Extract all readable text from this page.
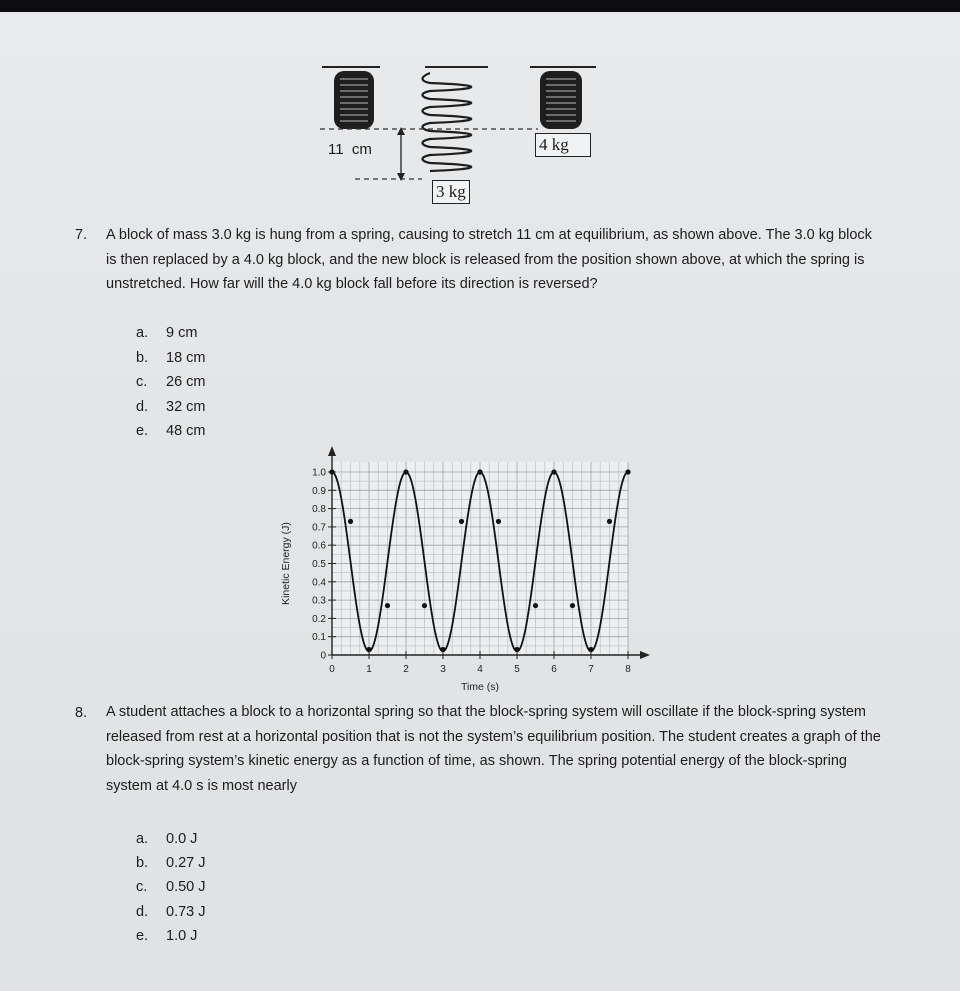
11  cm
3 kg
4 kg
7. A block of mass 3.0 kg is hung from a spring, causing to stretch 11 cm at equilibrium, as shown above. The 3.0 kg block is then replaced by a 4.0 kg block, and the new block is released from the position shown above, at which the spring is unstretched. How far will the 4.0 kg block fall before its direction is reversed?
a. 9 cm
b. 18 cm
c. 26 cm
d. 32 cm
e. 48 cm
0
0.1
0.2
0.3
0.4
0.5
0.6
0.7
0.8
0.9
1.0
0	1	2	3	4	5	6	7	8
Time (s)
Kinetic Energy (J)
8. A student attaches a block to a horizontal spring so that the block-spring system will oscillate if the block-spring system released from rest at a horizontal position that is not the system’s equilibrium position. The student creates a graph of the block-spring system’s kinetic energy as a function of time, as shown. The spring potential energy of the block-spring system at 4.0 s is most nearly
a. 0.0 J
b. 0.27 J
c. 0.50 J
d. 0.73 J
e. 1.0 J
